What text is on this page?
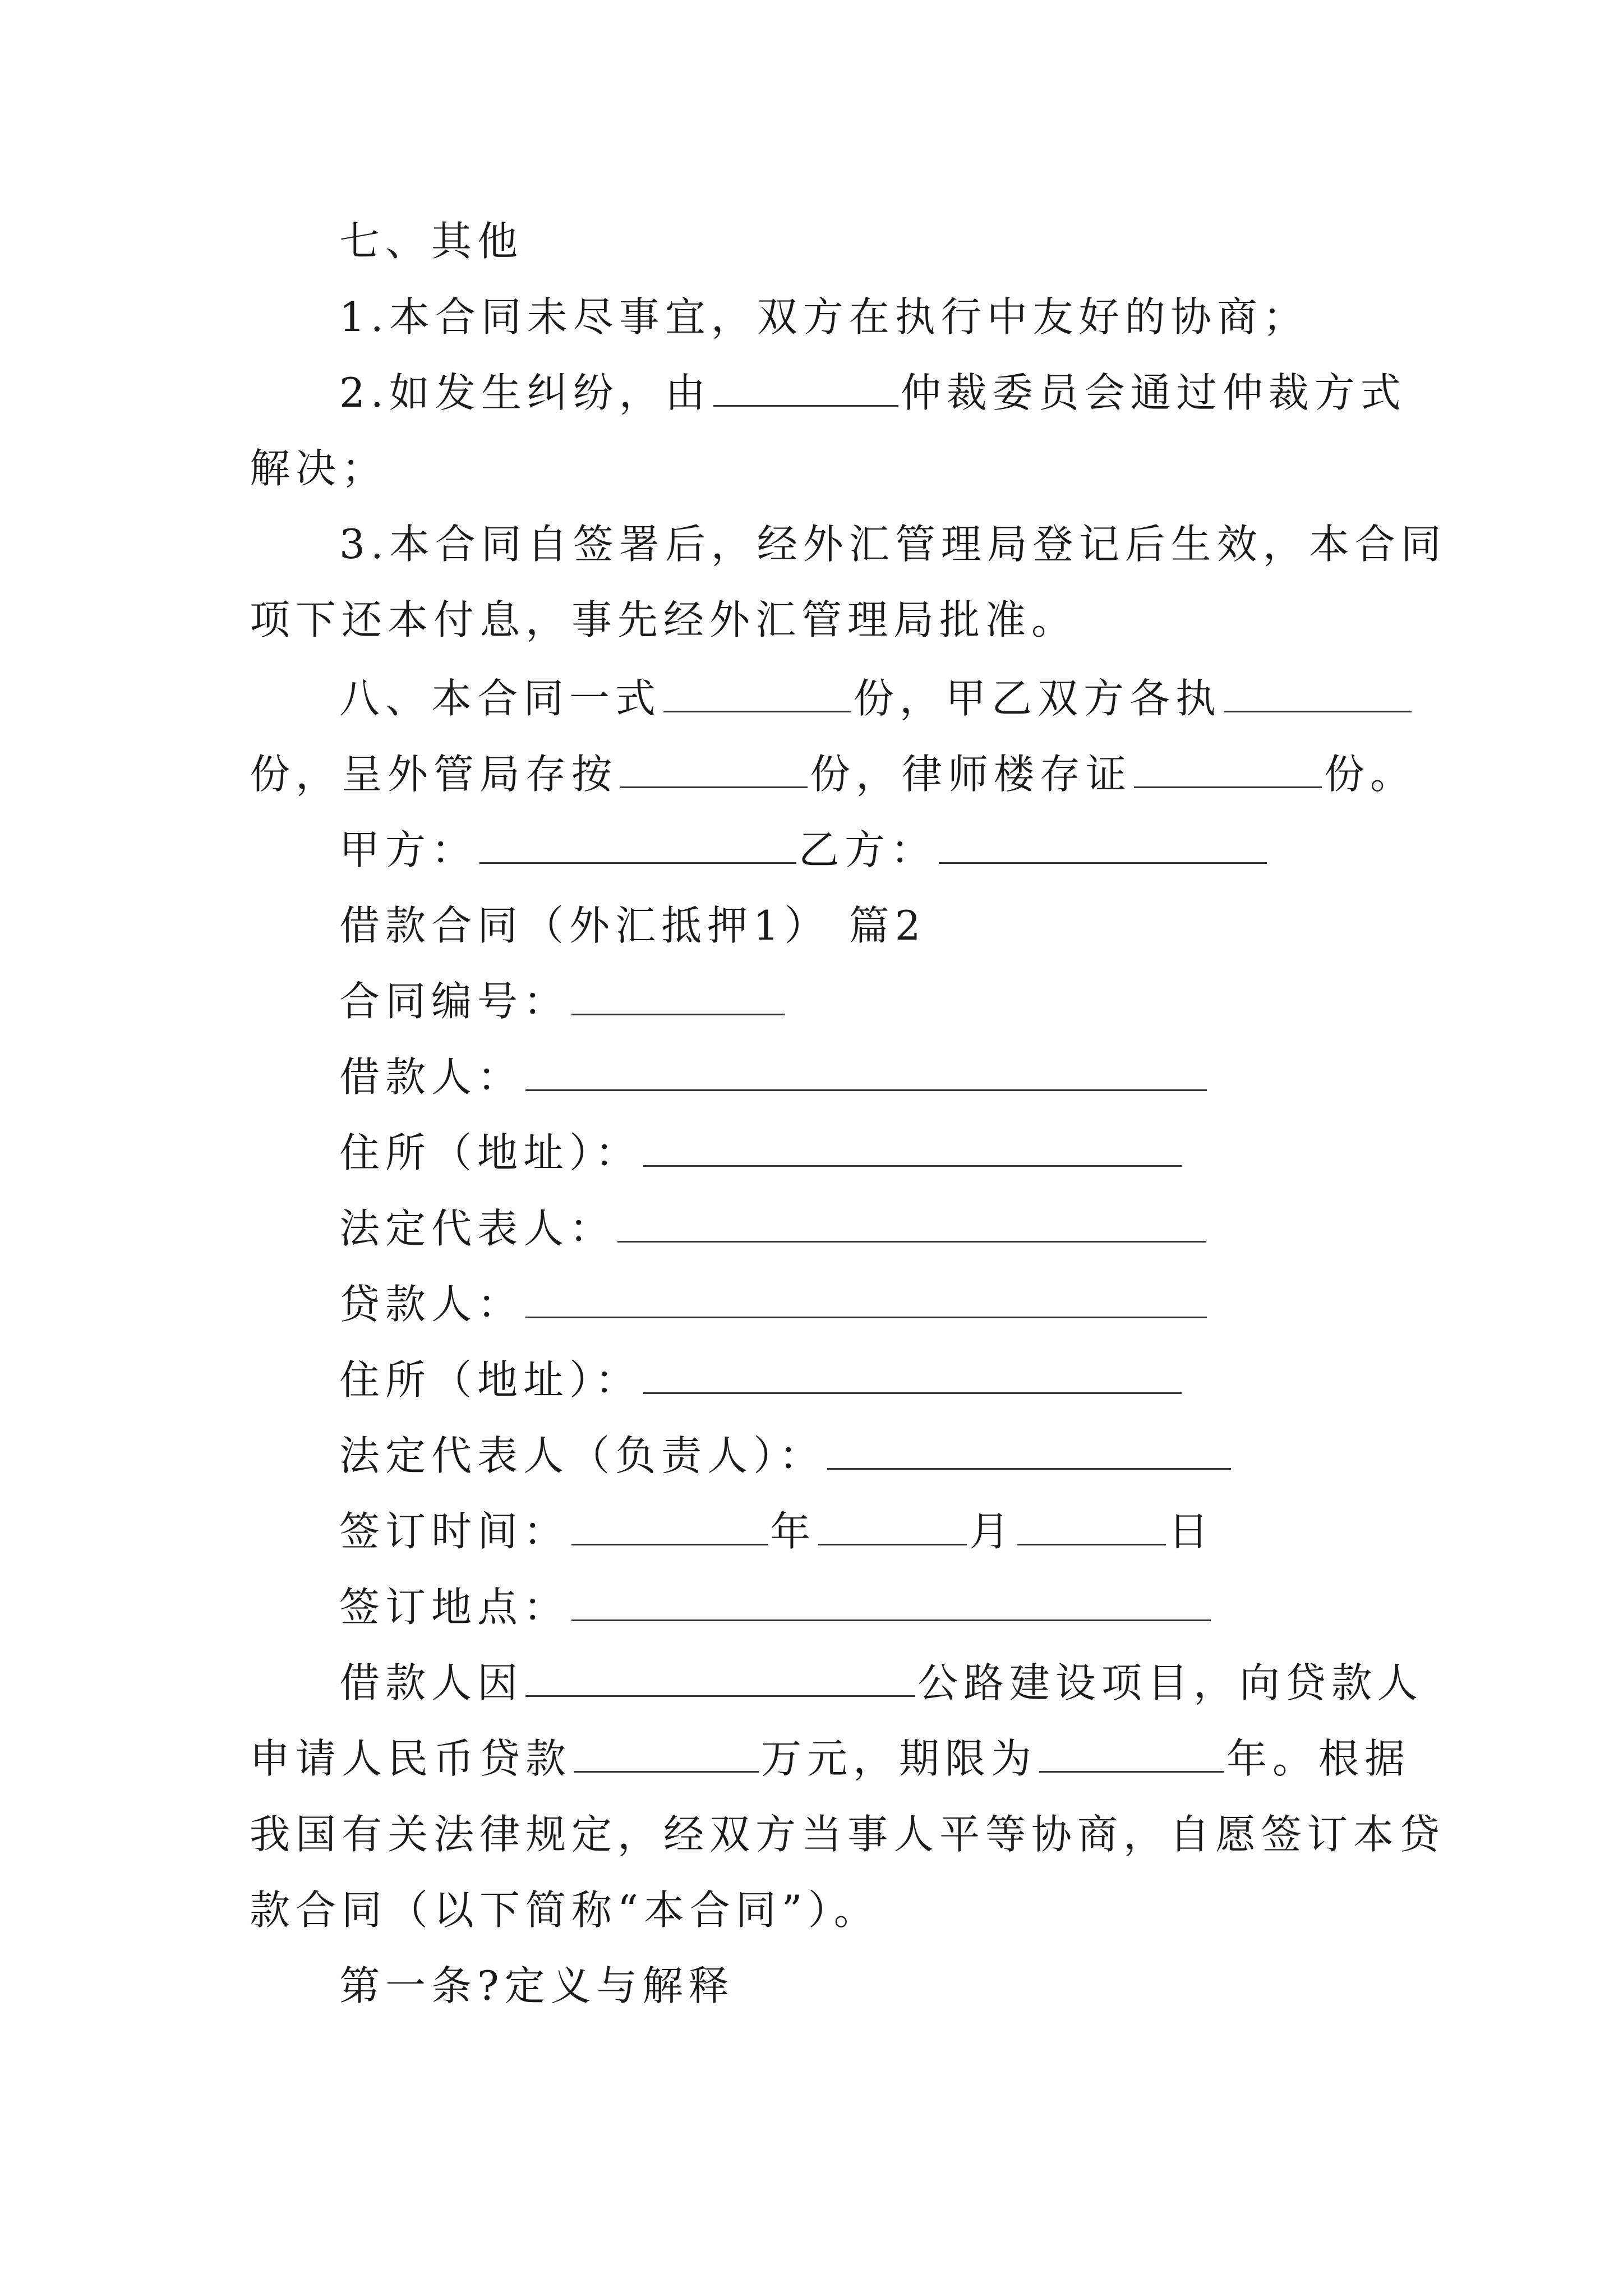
七、其他
1.本合同未尽事宜，双方在执行中友好的协商；
2.如发生纠纷，由	仲裁委员会通过仲裁方式
解决；
3.本合同自签署后，经外汇管理局登记后生效，本合同
项下还本付息，事先经外汇管理局批准。
八、本合同一式	份，甲乙双方各执
份，呈外管局存按	份，律师楼存证	份。
甲方：	乙方：
借款合同（外汇抵押1） 篇2
合同编号：
借款人：
住所（地址）：
法定代表人：
贷款人：
住所（地址）：
法定代表人（负责人）：
签订时间：	年	月	日
签订地点：
借款人因	公路建设项目，向贷款人
申请人民币贷款	万元，期限为	年。根据
我国有关法律规定，经双方当事人平等协商，自愿签订本贷
款合同（以下简称“本合同”）。
第一条?定义与解释
